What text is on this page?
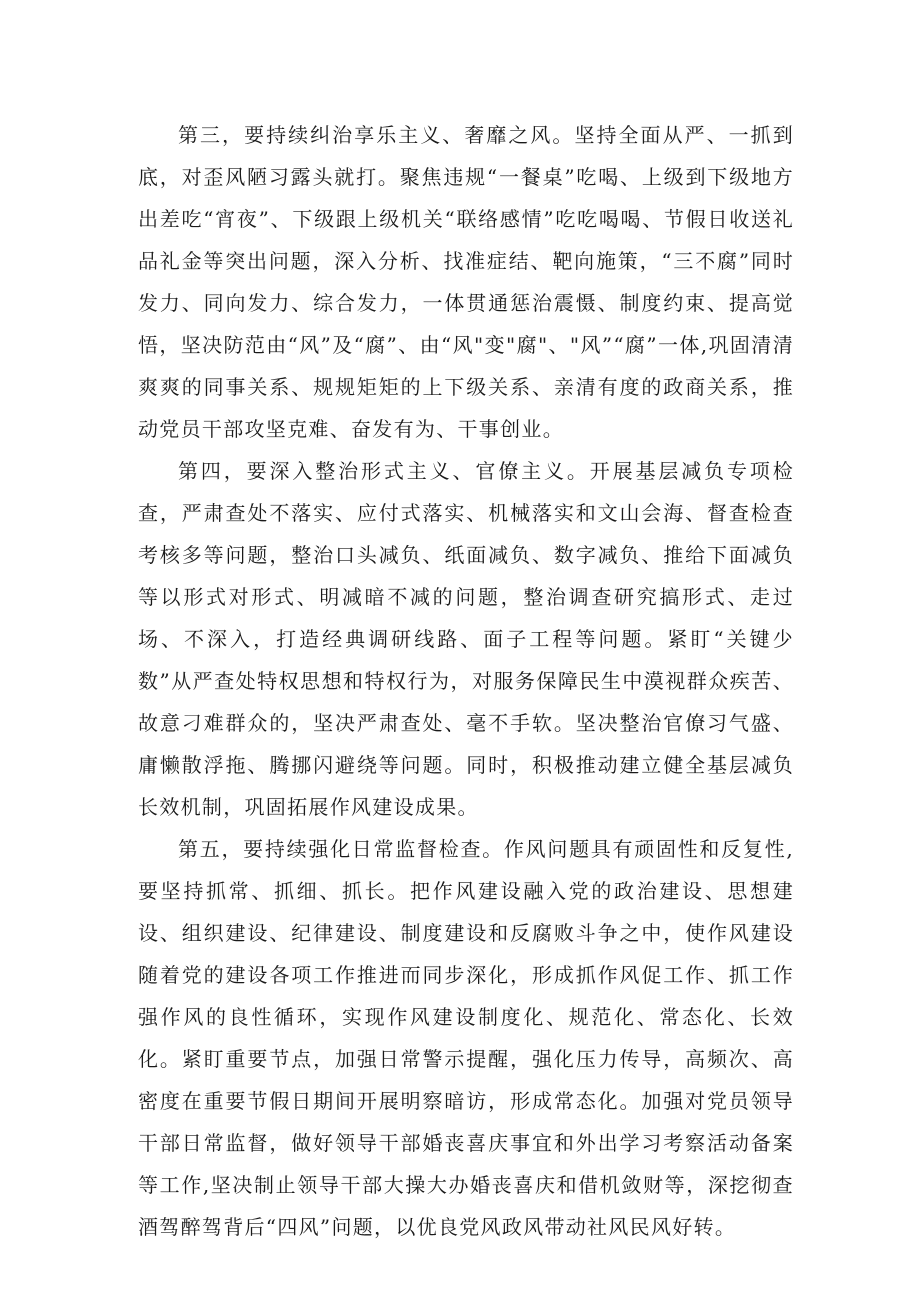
第三，要持续纠治享乐主义、奢靡之风。坚持全面从严、一抓到底，对歪风陋习露头就打。聚焦违规“一餐桌”吃喝、上级到下级地方出差吃“宵夜”、下级跟上级机关“联络感情”吃吃喝喝、节假日收送礼品礼金等突出问题，深入分析、找准症结、靶向施策，“三不腐”同时发力、同向发力、综合发力，一体贯通惩治震慑、制度约束、提高觉悟，坚决防范由“风”及“腐”、由“风"变"腐"、"风”“腐”一体,巩固清清爽爽的同事关系、规规矩矩的上下级关系、亲清有度的政商关系，推动党员干部攻坚克难、奋发有为、干事创业。

第四，要深入整治形式主义、官僚主义。开展基层减负专项检查，严肃查处不落实、应付式落实、机械落实和文山会海、督查检查考核多等问题，整治口头减负、纸面减负、数字减负、推给下面减负等以形式对形式、明减暗不减的问题，整治调查研究搞形式、走过场、不深入，打造经典调研线路、面子工程等问题。紧盯“关键少数”从严查处特权思想和特权行为，对服务保障民生中漠视群众疾苦、故意刁难群众的，坚决严肃查处、毫不手软。坚决整治官僚习气盛、庸懒散浮拖、腾挪闪避绕等问题。同时，积极推动建立健全基层减负长效机制，巩固拓展作风建设成果。

第五，要持续强化日常监督检查。作风问题具有顽固性和反复性,要坚持抓常、抓细、抓长。把作风建设融入党的政治建设、思想建设、组织建设、纪律建设、制度建设和反腐败斗争之中，使作风建设随着党的建设各项工作推进而同步深化，形成抓作风促工作、抓工作强作风的良性循环，实现作风建设制度化、规范化、常态化、长效化。紧盯重要节点，加强日常警示提醒，强化压力传导，高频次、高密度在重要节假日期间开展明察暗访，形成常态化。加强对党员领导干部日常监督，做好领导干部婚丧喜庆事宜和外出学习考察活动备案等工作,坚决制止领导干部大操大办婚丧喜庆和借机敛财等，深挖彻查酒驾醉驾背后“四风”问题，以优良党风政风带动社风民风好转。
